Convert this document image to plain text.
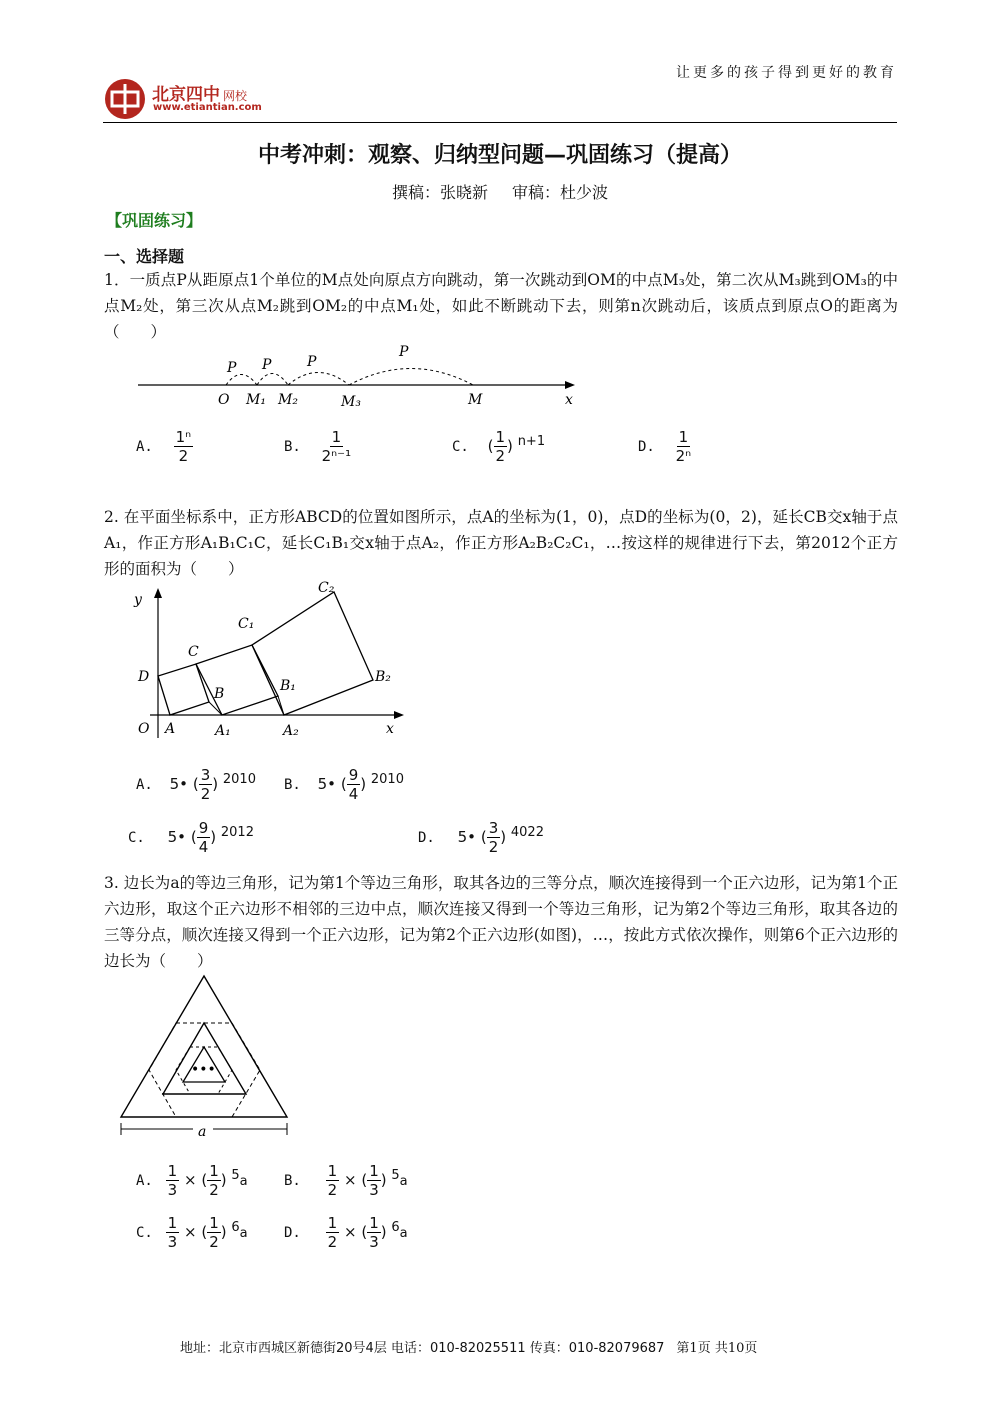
让更多的孩子得到更好的教育
北京四中 网校
www.etiantian.com
中考冲刺：观察、归纳型问题—巩固练习（提高）
撰稿：张晓新 审稿：杜少波
【巩固练习】
一、选择题
1．一质点P从距原点1个单位的M点处向原点方向跳动，第一次跳动到OM的中点M₃处，第二次从M₃跳到OM₃的中点M₂处，第三次从点M₂跳到OM₂的中点M₁处，如此不断跳动下去，则第n次跳动后，该质点到原点O的距离为（　　）
P P	P
P
O M₁ M₂	M₃	M	x
A. $\frac{\text{1ⁿ}}{2}$	B. $\frac{1}{\text{2ⁿ⁻¹}}$	C. ( $\frac{1}{2}$ ) $^{n+1}$	D. $\frac{1}{\text{2ⁿ}}$
2. 在平面坐标系中，正方形ABCD的位置如图所示，点A的坐标为(1，0)，点D的坐标为(0，2)，延长CB交x轴于点A₁，作正方形A₁B₁C₁C，延长C₁B₁交x轴于点A₂，作正方形A₂B₂C₂C₁，…按这样的规律进行下去，第2012个正方形的面积为（　　）
y
C₂
C₁
C
D
B	B₁
B₂
O A	A₁	A₂	x
A. 5• ( $\frac{3}{2}$ ) $^{2010}$ B. 5• ( $\frac{9}{4}$ ) $^{2010}$
C. 5• ( $\frac{9}{4}$ ) $^{2012}$	D. 5• ( $\frac{3}{2}$ ) $^{4022}$
3. 边长为a的等边三角形，记为第1个等边三角形，取其各边的三等分点，顺次连接得到一个正六边形，记为第1个正六边形，取这个正六边形不相邻的三边中点，顺次连接又得到一个等边三角形，记为第2个等边三角形，取其各边的三等分点，顺次连接又得到一个正六边形，记为第2个正六边形(如图)，…，按此方式依次操作，则第6个正六边形的边长为（　　）
•••
a
A. $\frac{1}{3}$ × ( $\frac{1}{2}$ ) $^5$a	B. $\frac{1}{2}$ × ( $\frac{1}{3}$ ) $^5$a
C. $\frac{1}{3}$ × ( $\frac{1}{2}$ ) $^6$a	D. $\frac{1}{2}$ × ( $\frac{1}{3}$ ) $^6$a
地址：北京市西城区新德街20号4层 电话：010-82025511 传真：010-82079687 第1页 共10页
